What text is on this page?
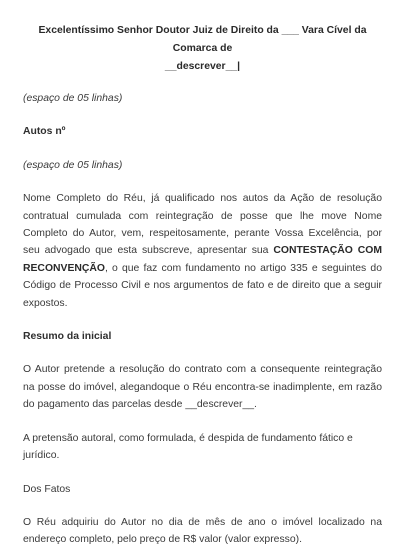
Excelentíssimo Senhor Doutor Juiz de Direito da ___ Vara Cível da Comarca de
__descrever__|

(espaço de 05 linhas)

Autos nº

(espaço de 05 linhas)

Nome Completo do Réu, já qualificado nos autos da Ação de resolução contratual cumulada com reintegração de posse que lhe move Nome Completo do Autor, vem, respeitosamente, perante Vossa Excelência, por seu advogado que esta subscreve, apresentar sua CONTESTAÇÃO COM RECONVENÇÃO, o que faz com fundamento no artigo 335 e seguintes do Código de Processo Civil e nos argumentos de fato e de direito que a seguir expostos.

Resumo da inicial

O Autor pretende a resolução do contrato com a consequente reintegração na posse do imóvel, alegandoque o Réu encontra-se inadimplente, em razão do pagamento das parcelas desde __descrever__.

A pretensão autoral, como formulada, é despida de fundamento fático e jurídico.

Dos Fatos

O Réu adquiriu do Autor no dia de mês de ano o imóvel localizado na endereço completo, pelo preço de R$ valor (valor expresso).
